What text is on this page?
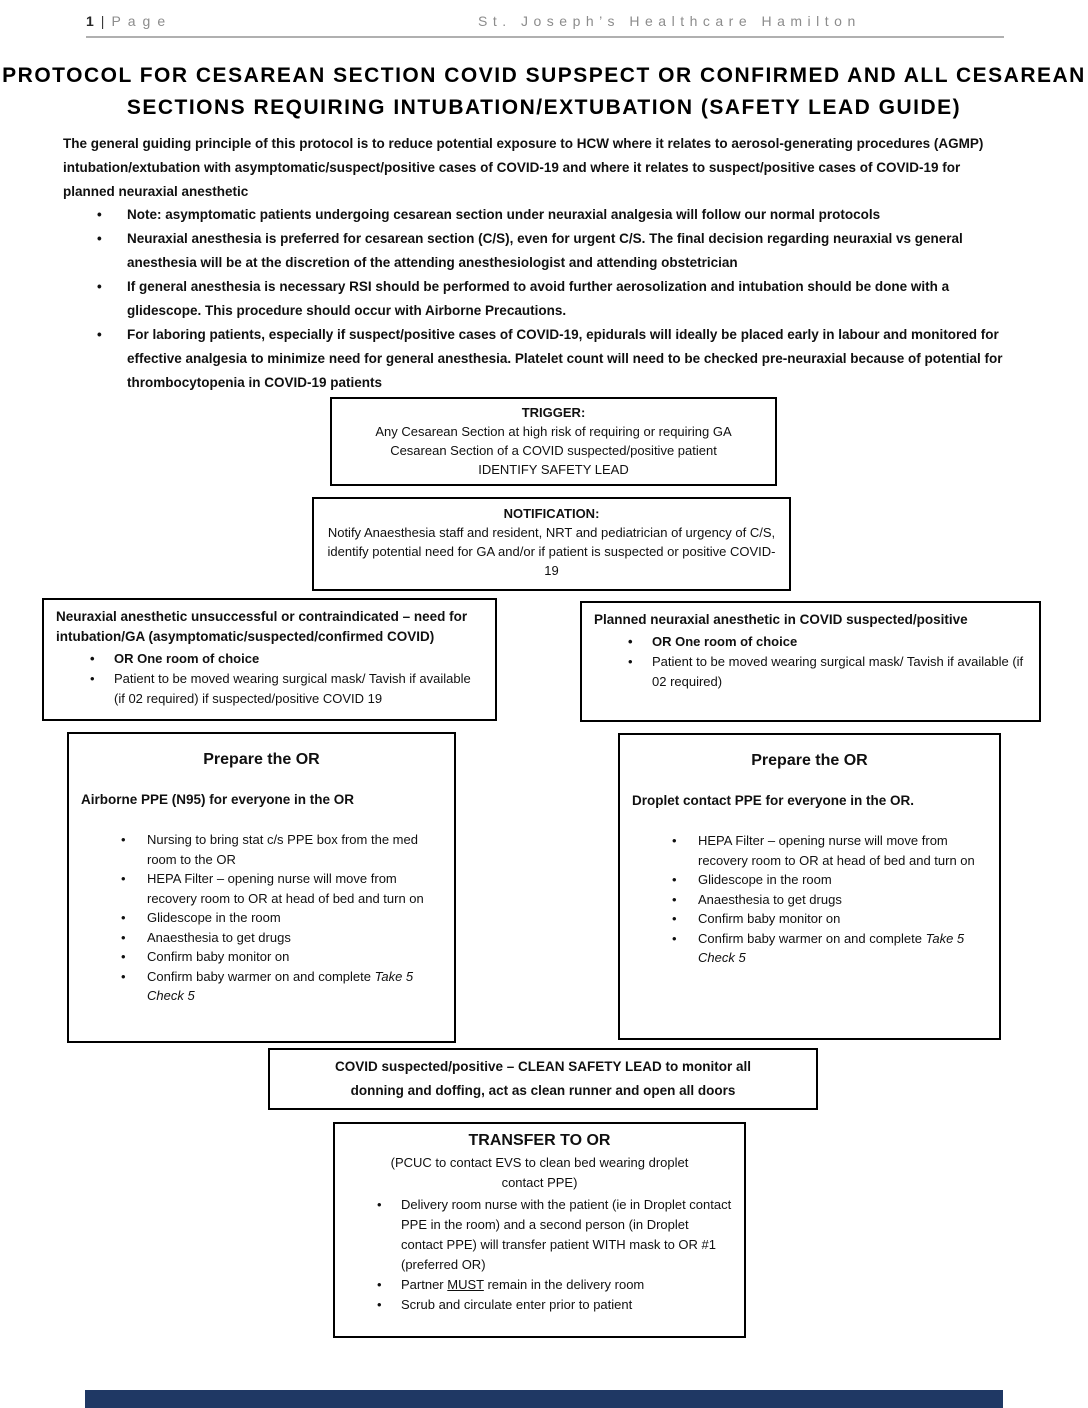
1 | Page	St. Joseph’s Healthcare Hamilton
PROTOCOL FOR CESAREAN SECTION COVID SUPSPECT OR CONFIRMED AND ALL CESAREAN
SECTIONS REQUIRING INTUBATION/EXTUBATION (SAFETY LEAD GUIDE)
The general guiding principle of this protocol is to reduce potential exposure to HCW where it relates to aerosol-generating procedures (AGMP) intubation/extubation with asymptomatic/suspect/positive cases of COVID-19 and where it relates to suspect/positive cases of COVID-19 for planned neuraxial anesthetic
• Note: asymptomatic patients undergoing cesarean section under neuraxial analgesia will follow our normal protocols
• Neuraxial anesthesia is preferred for cesarean section (C/S), even for urgent C/S. The final decision regarding neuraxial vs general anesthesia will be at the discretion of the attending anesthesiologist and attending obstetrician
• If general anesthesia is necessary RSI should be performed to avoid further aerosolization and intubation should be done with a glidescope. This procedure should occur with Airborne Precautions.
• For laboring patients, especially if suspect/positive cases of COVID-19, epidurals will ideally be placed early in labour and monitored for effective analgesia to minimize need for general anesthesia. Platelet count will need to be checked pre-neuraxial because of potential for thrombocytopenia in COVID-19 patients
TRIGGER:
Any Cesarean Section at high risk of requiring or requiring GA
Cesarean Section of a COVID suspected/positive patient
IDENTIFY SAFETY LEAD
NOTIFICATION:
Notify Anaesthesia staff and resident, NRT and pediatrician of urgency of C/S, identify potential need for GA and/or if patient is suspected or positive COVID-19
Neuraxial anesthetic unsuccessful or contraindicated – need for intubation/GA (asymptomatic/suspected/confirmed COVID)
• OR One room of choice
• Patient to be moved wearing surgical mask/ Tavish if available (if 02 required) if suspected/positive COVID 19
Planned neuraxial anesthetic in COVID suspected/positive
• OR One room of choice
• Patient to be moved wearing surgical mask/ Tavish if available (if 02 required)
Prepare the OR
Airborne PPE (N95) for everyone in the OR
• Nursing to bring stat c/s PPE box from the med room to the OR
• HEPA Filter – opening nurse will move from recovery room to OR at head of bed and turn on
• Glidescope in the room
• Anaesthesia to get drugs
• Confirm baby monitor on
• Confirm baby warmer on and complete Take 5 Check 5
Prepare the OR
Droplet contact PPE for everyone in the OR.
• HEPA Filter – opening nurse will move from recovery room to OR at head of bed and turn on
• Glidescope in the room
• Anaesthesia to get drugs
• Confirm baby monitor on
• Confirm baby warmer on and complete Take 5 Check 5
COVID suspected/positive – CLEAN SAFETY LEAD to monitor all
donning and doffing, act as clean runner and open all doors
TRANSFER TO OR
(PCUC to contact EVS to clean bed wearing droplet
contact PPE)
• Delivery room nurse with the patient (ie in Droplet contact PPE in the room) and a second person (in Droplet contact PPE) will transfer patient WITH mask to OR #1 (preferred OR)
• Partner MUST remain in the delivery room
• Scrub and circulate enter prior to patient
